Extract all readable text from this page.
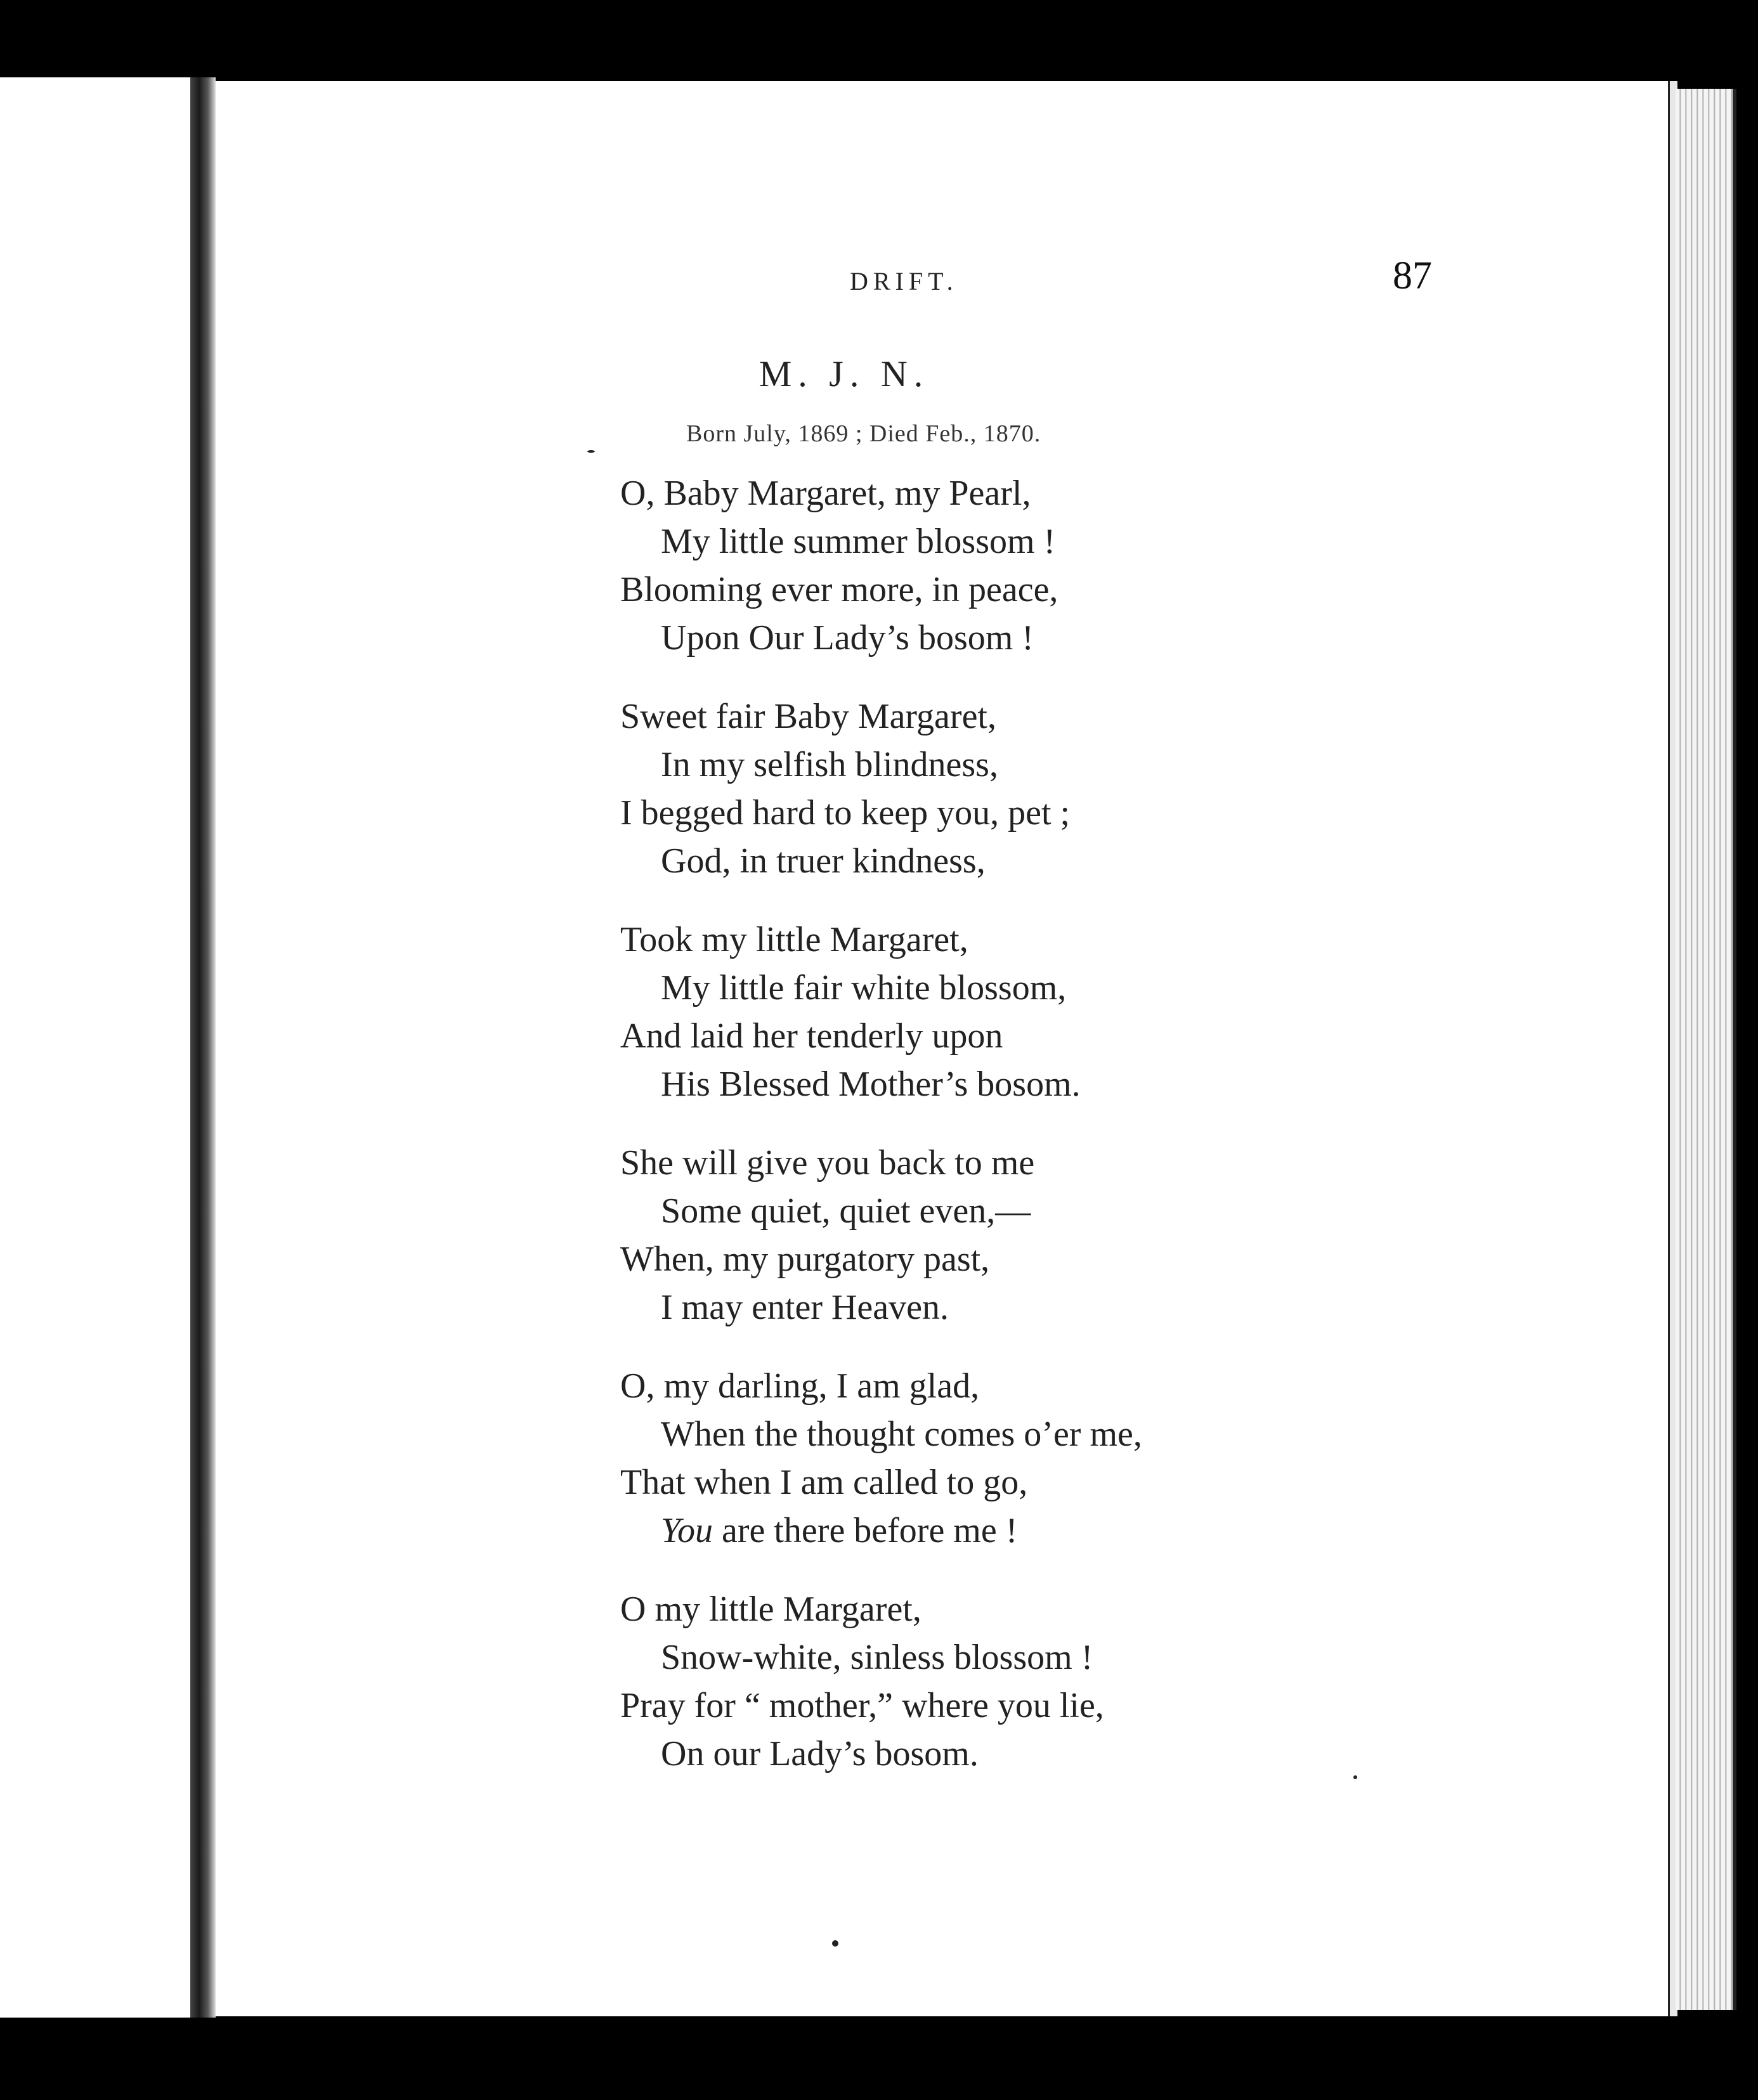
DRIFT.	87
M. J. N.
Born July, 1869 ; Died Feb., 1870.
O, Baby Margaret, my Pearl,
My little summer blossom !
Blooming ever more, in peace,
Upon Our Lady’s bosom !
Sweet fair Baby Margaret,
In my selfish blindness,
I begged hard to keep you, pet ;
God, in truer kindness,
Took my little Margaret,
My little fair white blossom,
And laid her tenderly upon
His Blessed Mother’s bosom.
She will give you back to me
Some quiet, quiet even,—
When, my purgatory past,
I may enter Heaven.
O, my darling, I am glad,
When the thought comes o’er me,
That when I am called to go,
You are there before me !
O my little Margaret,
Snow-white, sinless blossom !
Pray for “ mother,” where you lie,
On our Lady’s bosom.
